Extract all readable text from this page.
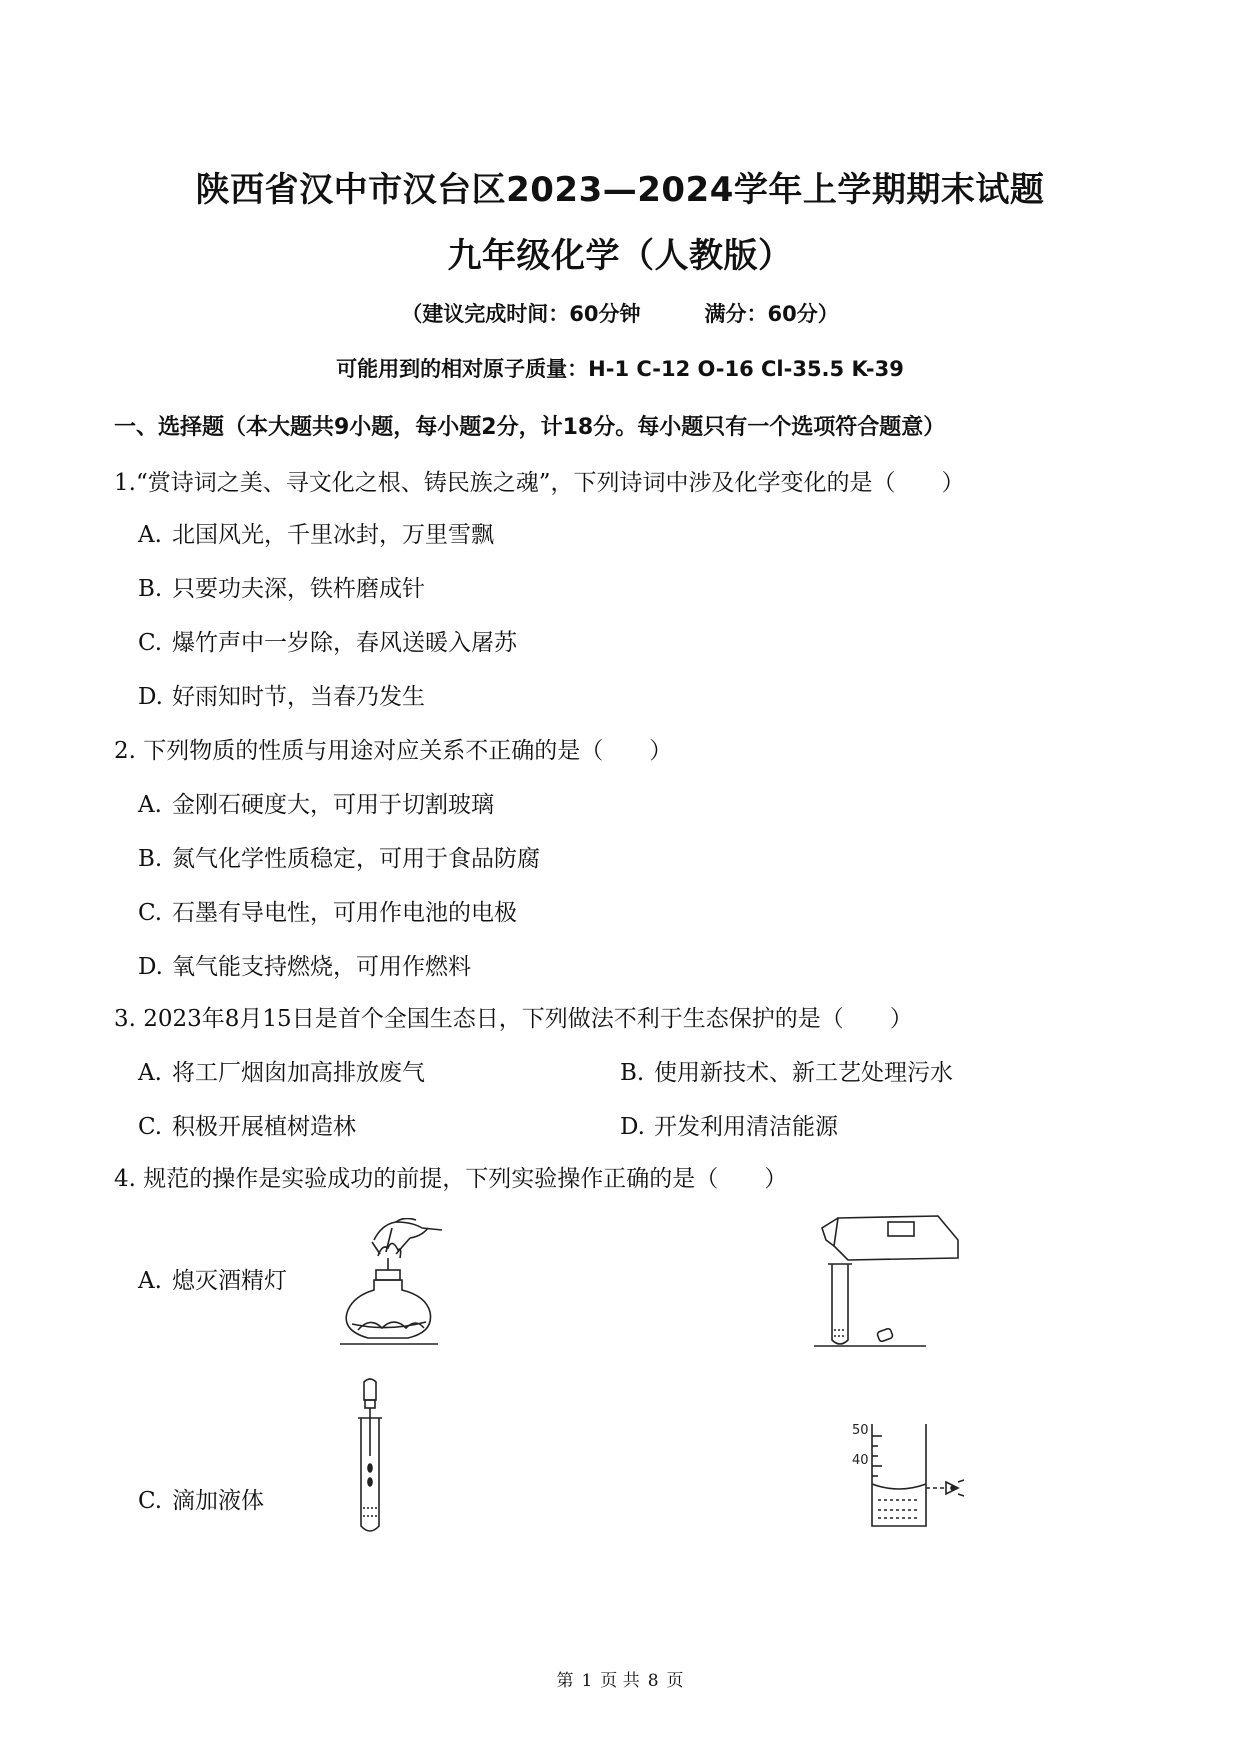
陕西省汉中市汉台区2023—2024学年上学期期末试题
九年级化学（人教版）
（建议完成时间：60分钟	满分：60分）
可能用到的相对原子质量：H-1 C-12 O-16 Cl-35.5 K-39
一、选择题（本大题共9小题，每小题2分，计18分。每小题只有一个选项符合题意）
1.“赏诗词之美、寻文化之根、铸民族之魂”，下列诗词中涉及化学变化的是（　　）
A. 北国风光，千里冰封，万里雪飘
B. 只要功夫深，铁杵磨成针
C. 爆竹声中一岁除，春风送暖入屠苏
D. 好雨知时节，当春乃发生
2. 下列物质的性质与用途对应关系不正确的是（　　）
A. 金刚石硬度大，可用于切割玻璃
B. 氮气化学性质稳定，可用于食品防腐
C. 石墨有导电性，可用作电池的电极
D. 氧气能支持燃烧，可用作燃料
3. 2023年8月15日是首个全国生态日，下列做法不利于生态保护的是（　　）
A. 将工厂烟囱加高排放废气	B. 使用新技术、新工艺处理污水
C. 积极开展植树造林	D. 开发利用清洁能源
4. 规范的操作是实验成功的前提，下列实验操作正确的是（　　）
A. 熄灭酒精灯
C. 滴加液体
50
40
第 1 页 共 8 页
